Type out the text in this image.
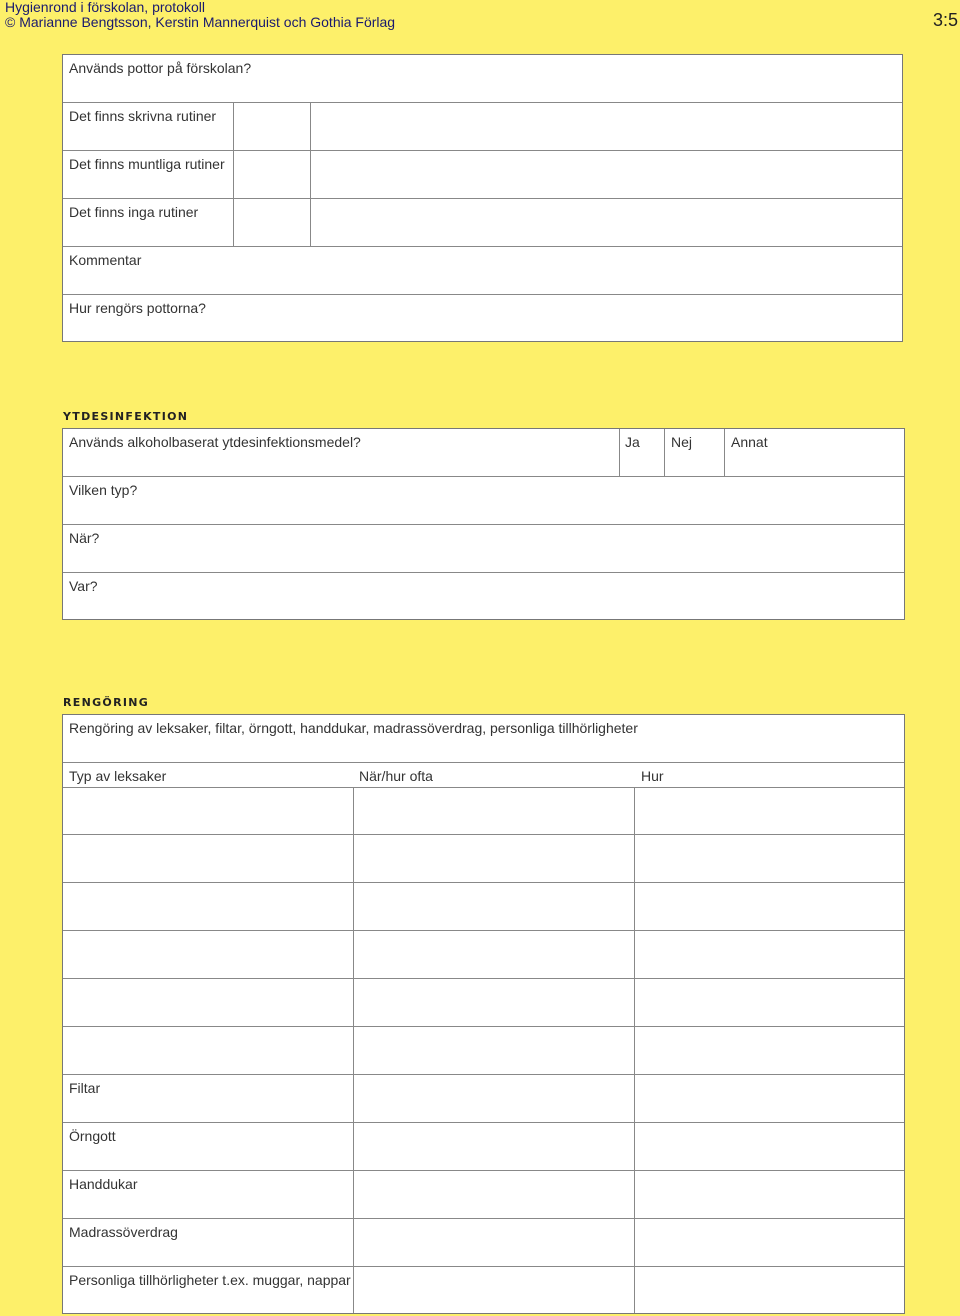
Hygienrond i förskolan, protokoll
© Marianne Bengtsson, Kerstin Mannerquist och Gothia Förlag	3:5
Används pottor på förskolan?
Det finns skrivna rutiner
Det finns muntliga rutiner
Det finns inga rutiner
Kommentar
Hur rengörs pottorna?
YTDESINFEKTION
Används alkoholbaserat ytdesinfektionsmedel?	Ja Nej	Annat
Vilken typ?
När?
Var?
RENGÖRING
Rengöring av leksaker, filtar, örngott, handdukar, madrassöverdrag, personliga tillhörligheter
Typ av leksaker	När/hur ofta	Hur
Filtar
Örngott
Handdukar
Madrassöverdrag
Personliga tillhörligheter t.ex. muggar, nappar
